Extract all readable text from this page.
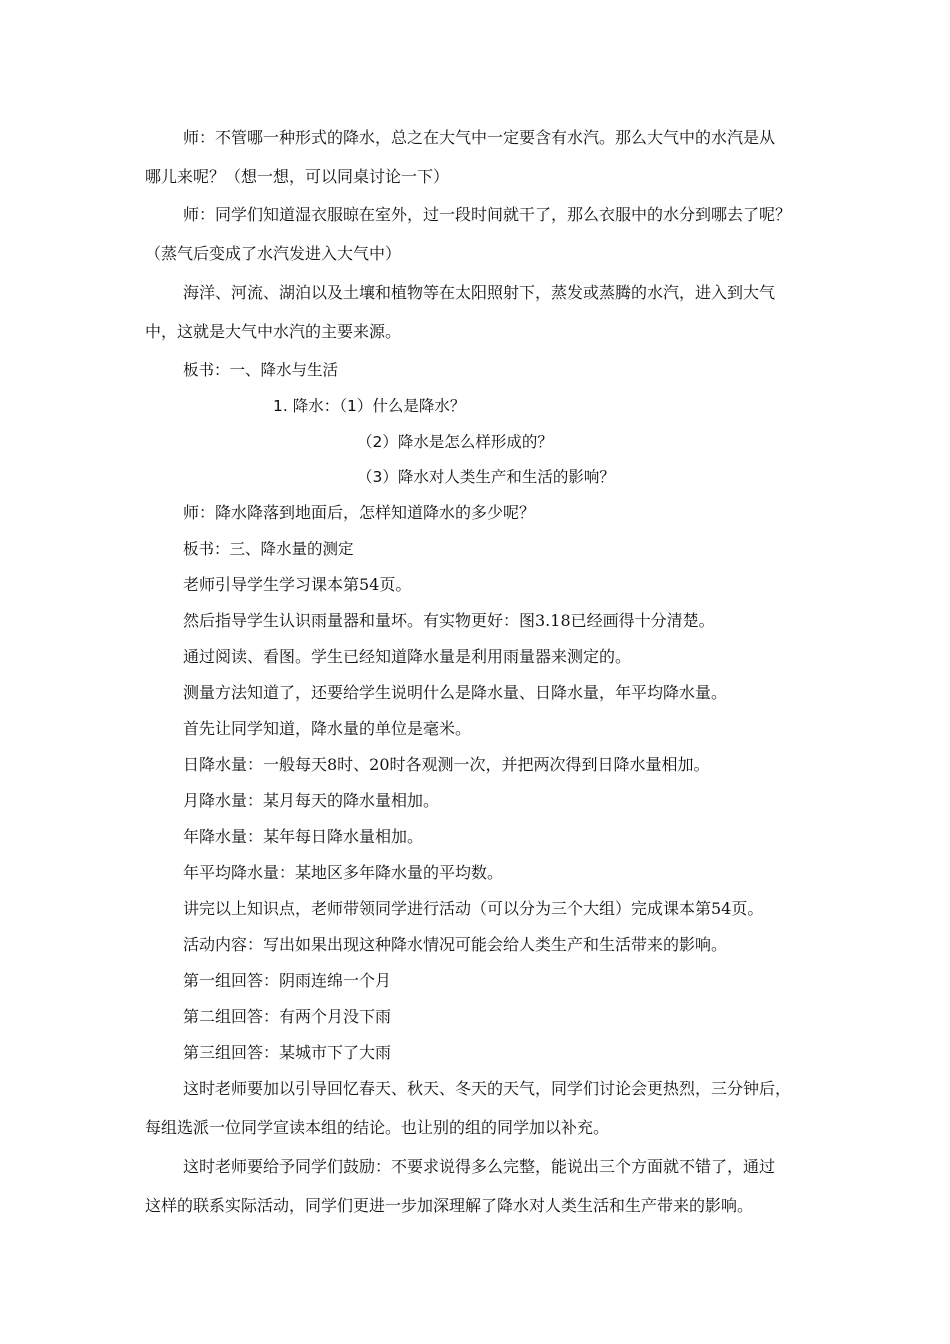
师：不管哪一种形式的降水，总之在大气中一定要含有水汽。那么大气中的水汽是从
哪儿来呢？（想一想，可以同桌讨论一下）
师：同学们知道湿衣服晾在室外，过一段时间就干了，那么衣服中的水分到哪去了呢？
（蒸气后变成了水汽发进入大气中）
海洋、河流、湖泊以及土壤和植物等在太阳照射下，蒸发或蒸腾的水汽，进入到大气
中，这就是大气中水汽的主要来源。
板书：一、降水与生活
1. 降水：（1）什么是降水？
（2）降水是怎么样形成的？
（3）降水对人类生产和生活的影响？
师：降水降落到地面后，怎样知道降水的多少呢？
板书：三、降水量的测定
老师引导学生学习课本第54页。
然后指导学生认识雨量器和量坏。有实物更好：图3.18已经画得十分清楚。
通过阅读、看图。学生已经知道降水量是利用雨量器来测定的。
测量方法知道了，还要给学生说明什么是降水量、日降水量，年平均降水量。
首先让同学知道，降水量的单位是毫米。
日降水量：一般每天8时、20时各观测一次，并把两次得到日降水量相加。
月降水量：某月每天的降水量相加。
年降水量：某年每日降水量相加。
年平均降水量：某地区多年降水量的平均数。
讲完以上知识点，老师带领同学进行活动（可以分为三个大组）完成课本第54页。
活动内容：写出如果出现这种降水情况可能会给人类生产和生活带来的影响。
第一组回答：阴雨连绵一个月
第二组回答：有两个月没下雨
第三组回答：某城市下了大雨
这时老师要加以引导回忆春天、秋天、冬天的天气，同学们讨论会更热烈，三分钟后，
每组选派一位同学宣读本组的结论。也让别的组的同学加以补充。
这时老师要给予同学们鼓励：不要求说得多么完整，能说出三个方面就不错了，通过
这样的联系实际活动，同学们更进一步加深理解了降水对人类生活和生产带来的影响。
